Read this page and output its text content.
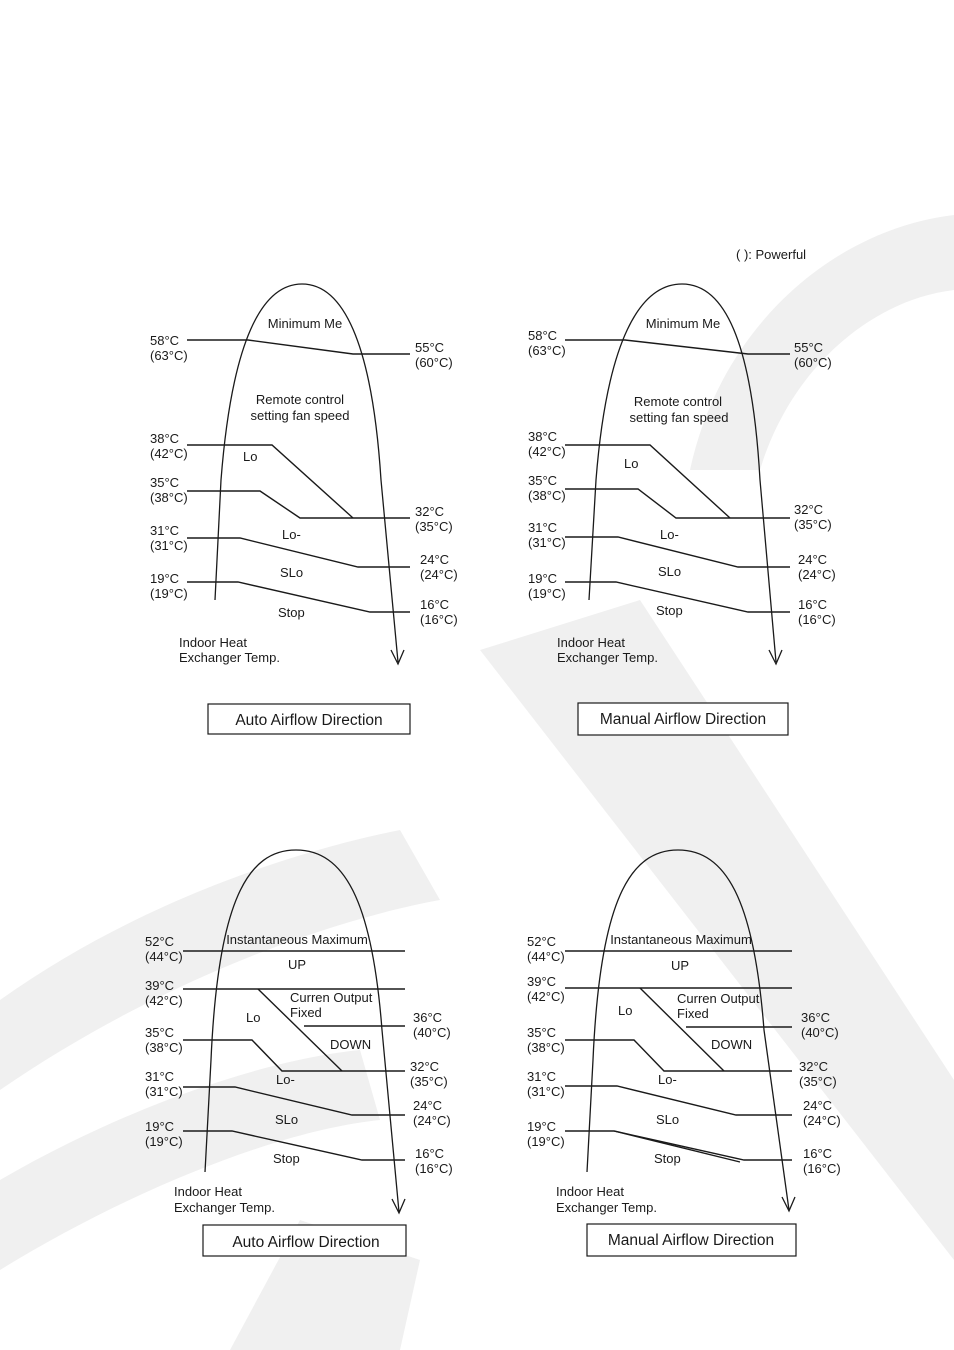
( ): Powerful
58°C
(63°C)
38°C
(42°C)
35°C
(38°C)
31°C
(31°C)
19°C
(19°C)
55°C
(60°C)
32°C
(35°C)
24°C
(24°C)
16°C
(16°C)
Minimum Me
Remote control
setting fan speed
Lo
Lo-
SLo
Stop
Indoor Heat
Exchanger Temp.
Auto Airflow Direction
58°C
(63°C)
38°C
(42°C)
35°C
(38°C)
31°C
(31°C)
19°C
(19°C)
55°C
(60°C)
32°C
(35°C)
24°C
(24°C)
16°C
(16°C)
Minimum Me
Remote control
setting fan speed
Lo
Lo-
SLo
Stop
Indoor Heat
Exchanger Temp.
Manual Airflow Direction
52°C
(44°C)
39°C
(42°C)
35°C
(38°C)
31°C
(31°C)
19°C
(19°C)
36°C
(40°C)
32°C
(35°C)
24°C
(24°C)
16°C
(16°C)
Instantaneous Maximum
UP
Curren Output
Fixed
Lo
DOWN
Lo-
SLo
Stop
Indoor Heat
Exchanger Temp.
Auto Airflow Direction
52°C
(44°C)
39°C
(42°C)
35°C
(38°C)
31°C
(31°C)
19°C
(19°C)
36°C
(40°C)
32°C
(35°C)
24°C
(24°C)
16°C
(16°C)
Instantaneous Maximum
UP
Curren Output
Fixed
Lo
DOWN
Lo-
SLo
Stop
Indoor Heat
Exchanger Temp.
Manual Airflow Direction
